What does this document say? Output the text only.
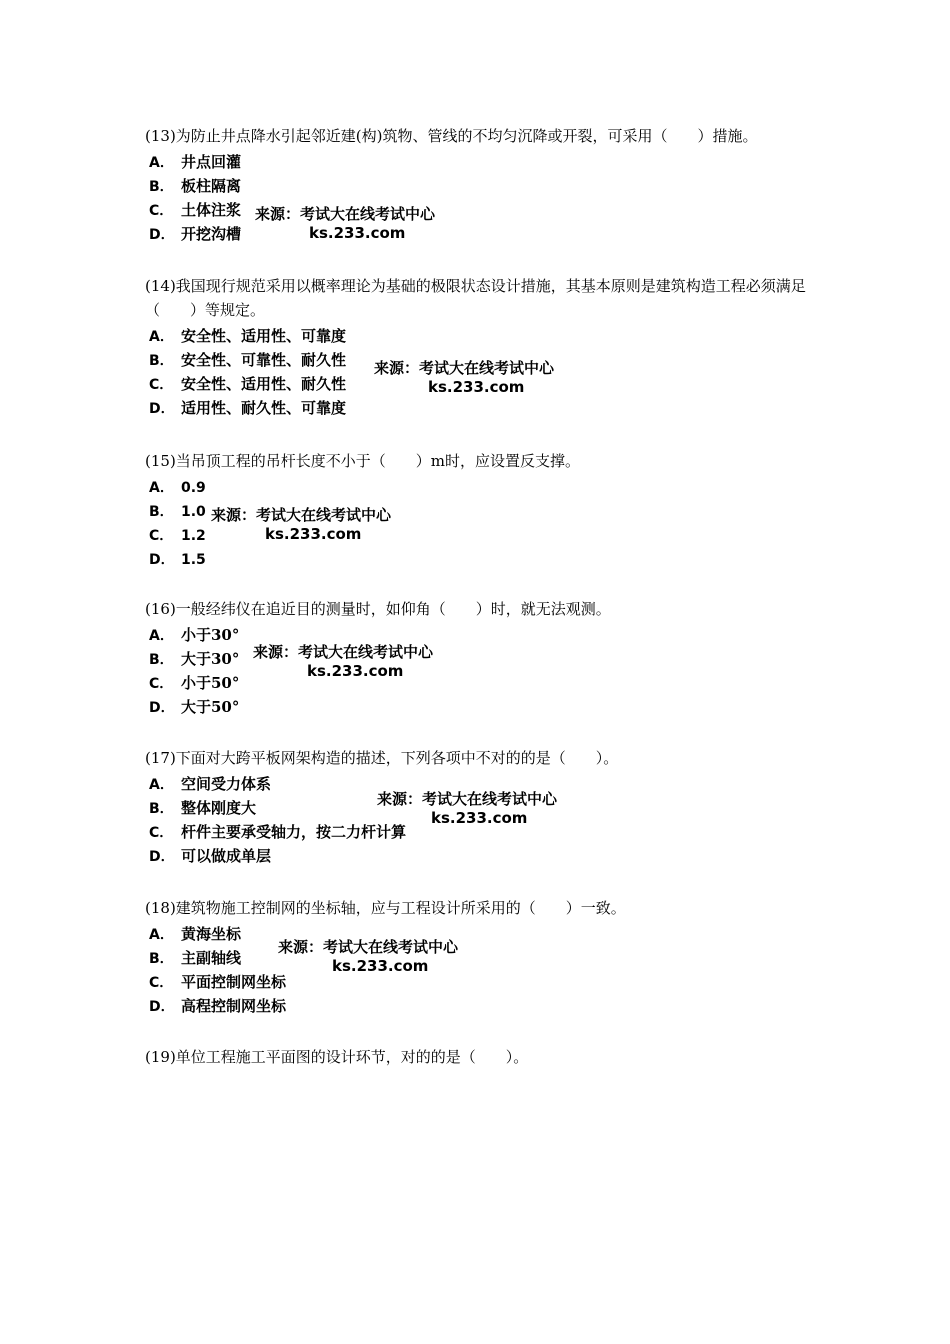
(13)为防止井点降水引起邻近建(构)筑物、管线的不均匀沉降或开裂，可采用（　　）措施。

A． 井点回灌
B． 板柱隔离
C． 土体注浆
D． 开挖沟槽
来源：考试大在线考试中心
ks.233.com

(14)我国现行规范采用以概率理论为基础的极限状态设计措施，其基本原则是建筑构造工程必须满足（　　）等规定。

A． 安全性、适用性、可靠度
B． 安全性、可靠性、耐久性
C． 安全性、适用性、耐久性
D． 适用性、耐久性、可靠度
来源：考试大在线考试中心
ks.233.com

(15)当吊顶工程的吊杆长度不小于（　　）m时，应设置反支撑。

A． 0.9
B． 1.0
C． 1.2
D． 1.5
来源：考试大在线考试中心
ks.233.com

(16)一般经纬仪在追近目的测量时，如仰角（　　）时，就无法观测。

A． 小于30°
B． 大于30°
C． 小于50°
D． 大于50°
来源：考试大在线考试中心
ks.233.com

(17)下面对大跨平板网架构造的描述，下列各项中不对的的是（　　）。

A． 空间受力体系
B． 整体刚度大
C． 杆件主要承受轴力，按二力杆计算
D． 可以做成单层
来源：考试大在线考试中心
ks.233.com

(18)建筑物施工控制网的坐标轴，应与工程设计所采用的（　　）一致。

A． 黄海坐标
B． 主副轴线
C． 平面控制网坐标
D． 高程控制网坐标
来源：考试大在线考试中心
ks.233.com

(19)单位工程施工平面图的设计环节，对的的是（　　）。
